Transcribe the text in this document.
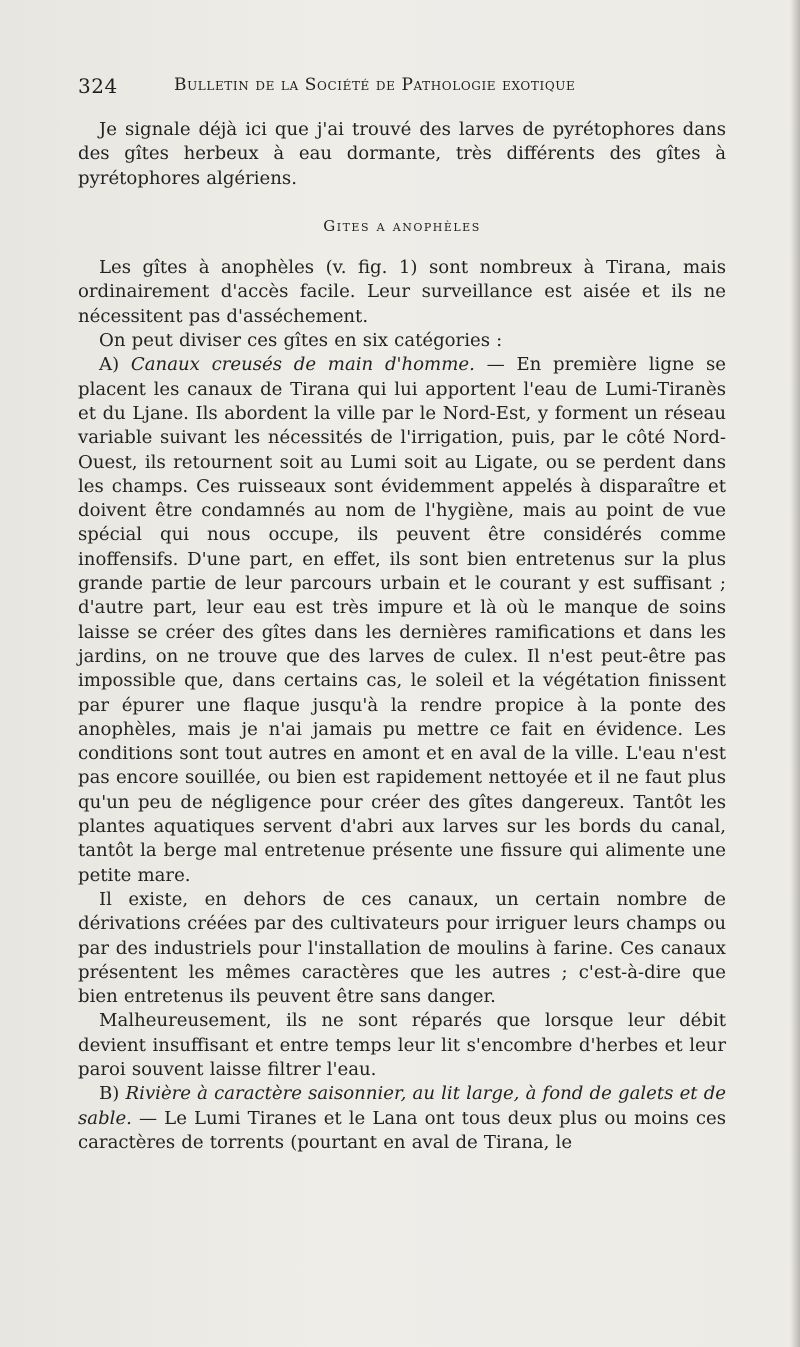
324	Bulletin de la Société de Pathologie exotique

Je signale déjà ici que j'ai trouvé des larves de pyrétophores dans des gîtes herbeux à eau dormante, très différents des gîtes à pyrétophores algériens.

Gites a anophèles

Les gîtes à anophèles (v. fig. 1) sont nombreux à Tirana, mais ordinairement d'accès facile. Leur surveillance est aisée et ils ne nécessitent pas d'asséchement.

On peut diviser ces gîtes en six catégories :

A) Canaux creusés de main d'homme. — En première ligne se placent les canaux de Tirana qui lui apportent l'eau de Lumi-Tiranès et du Ljane. Ils abordent la ville par le Nord-Est, y forment un réseau variable suivant les nécessités de l'irrigation, puis, par le côté Nord-Ouest, ils retournent soit au Lumi soit au Ligate, ou se perdent dans les champs. Ces ruisseaux sont évidemment appelés à disparaître et doivent être condamnés au nom de l'hygiène, mais au point de vue spécial qui nous occupe, ils peuvent être considérés comme inoffensifs. D'une part, en effet, ils sont bien entretenus sur la plus grande partie de leur parcours urbain et le courant y est suffisant ; d'autre part, leur eau est très impure et là où le manque de soins laisse se créer des gîtes dans les dernières ramifications et dans les jardins, on ne trouve que des larves de culex. Il n'est peut-être pas impossible que, dans certains cas, le soleil et la végétation finissent par épurer une flaque jusqu'à la rendre propice à la ponte des anophèles, mais je n'ai jamais pu mettre ce fait en évidence. Les conditions sont tout autres en amont et en aval de la ville. L'eau n'est pas encore souillée, ou bien est rapidement nettoyée et il ne faut plus qu'un peu de négligence pour créer des gîtes dangereux. Tantôt les plantes aquatiques servent d'abri aux larves sur les bords du canal, tantôt la berge mal entretenue présente une fissure qui alimente une petite mare.

Il existe, en dehors de ces canaux, un certain nombre de dérivations créées par des cultivateurs pour irriguer leurs champs ou par des industriels pour l'installation de moulins à farine. Ces canaux présentent les mêmes caractères que les autres ; c'est-à-dire que bien entretenus ils peuvent être sans danger.

Malheureusement, ils ne sont réparés que lorsque leur débit devient insuffisant et entre temps leur lit s'encombre d'herbes et leur paroi souvent laisse filtrer l'eau.

B) Rivière à caractère saisonnier, au lit large, à fond de galets et de sable. — Le Lumi Tiranes et le Lana ont tous deux plus ou moins ces caractères de torrents (pourtant en aval de Tirana, le
